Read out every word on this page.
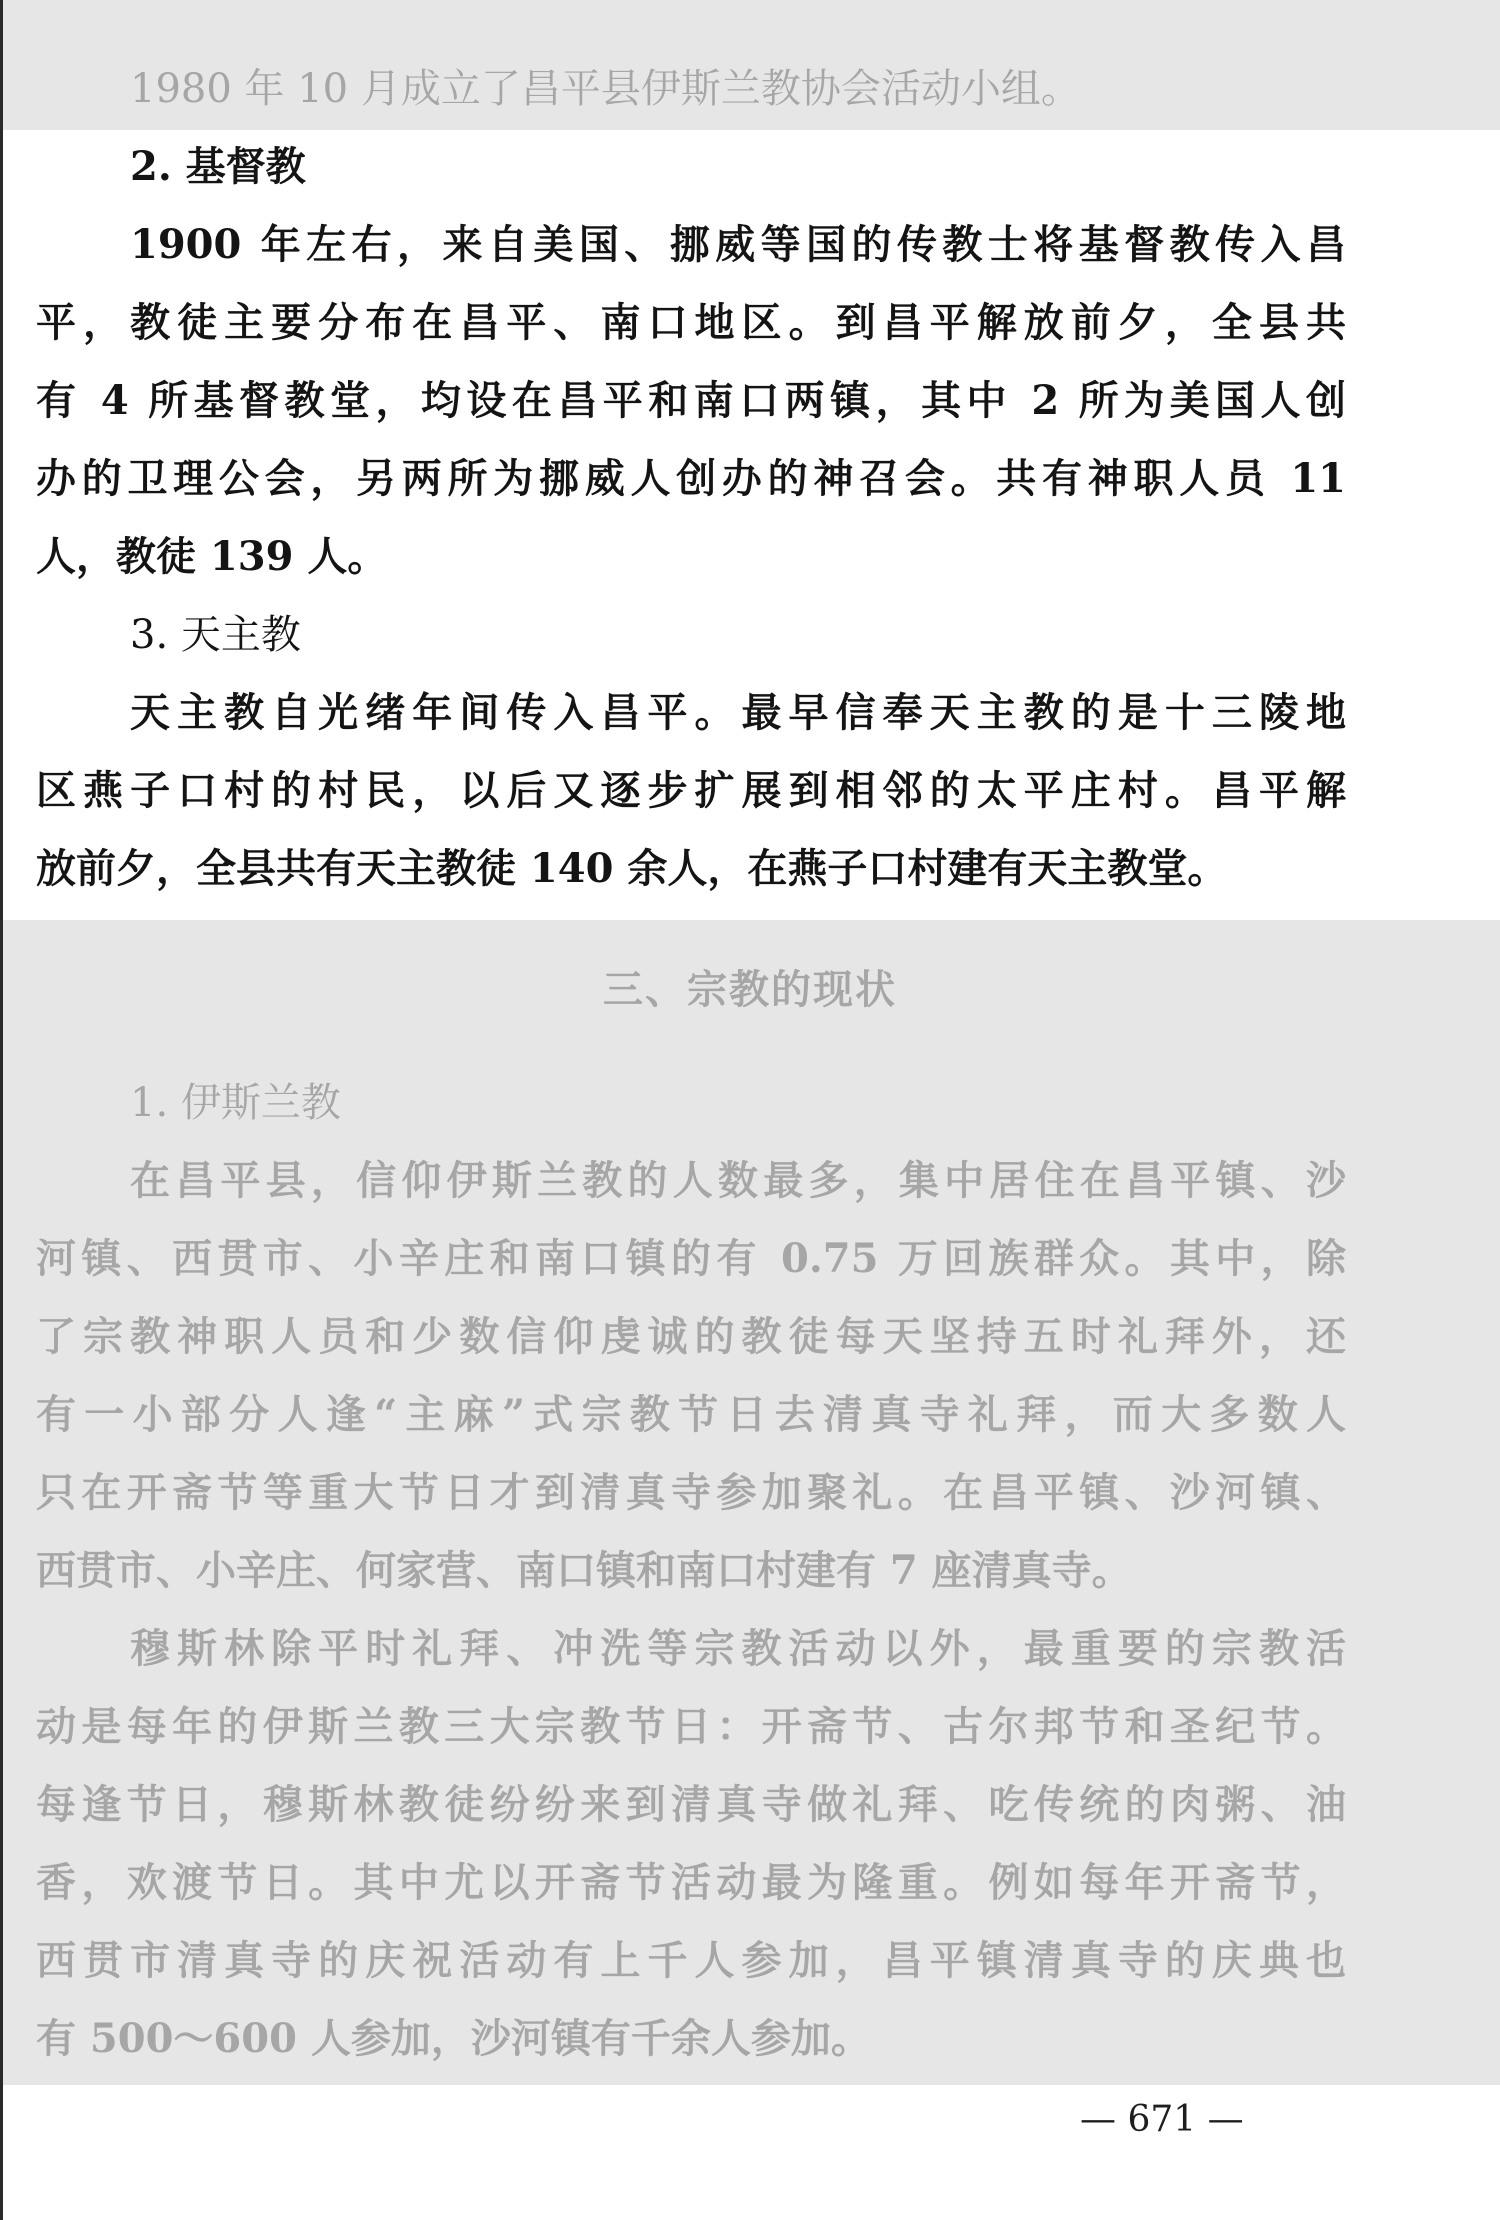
1980 年 10 月成立了昌平县伊斯兰教协会活动小组。
2. 基督教
1900 年左右，来自美国、挪威等国的传教士将基督教传入昌
平，教徒主要分布在昌平、南口地区。到昌平解放前夕，全县共
有 4 所基督教堂，均设在昌平和南口两镇，其中 2 所为美国人创
办的卫理公会，另两所为挪威人创办的神召会。共有神职人员 11
人，教徒 139 人。
3. 天主教
天主教自光绪年间传入昌平。最早信奉天主教的是十三陵地
区燕子口村的村民，以后又逐步扩展到相邻的太平庄村。昌平解
放前夕，全县共有天主教徒 140 余人，在燕子口村建有天主教堂。
三、宗教的现状
1. 伊斯兰教
在昌平县，信仰伊斯兰教的人数最多，集中居住在昌平镇、沙
河镇、西贯市、小辛庄和南口镇的有 0.75 万回族群众。其中，除
了宗教神职人员和少数信仰虔诚的教徒每天坚持五时礼拜外，还
有一小部分人逢“主麻”式宗教节日去清真寺礼拜，而大多数人
只在开斋节等重大节日才到清真寺参加聚礼。在昌平镇、沙河镇、
西贯市、小辛庄、何家营、南口镇和南口村建有 7 座清真寺。
穆斯林除平时礼拜、冲洗等宗教活动以外，最重要的宗教活
动是每年的伊斯兰教三大宗教节日：开斋节、古尔邦节和圣纪节。
每逢节日，穆斯林教徒纷纷来到清真寺做礼拜、吃传统的肉粥、油
香，欢渡节日。其中尤以开斋节活动最为隆重。例如每年开斋节，
西贯市清真寺的庆祝活动有上千人参加，昌平镇清真寺的庆典也
有 500～600 人参加，沙河镇有千余人参加。
— 671 —
